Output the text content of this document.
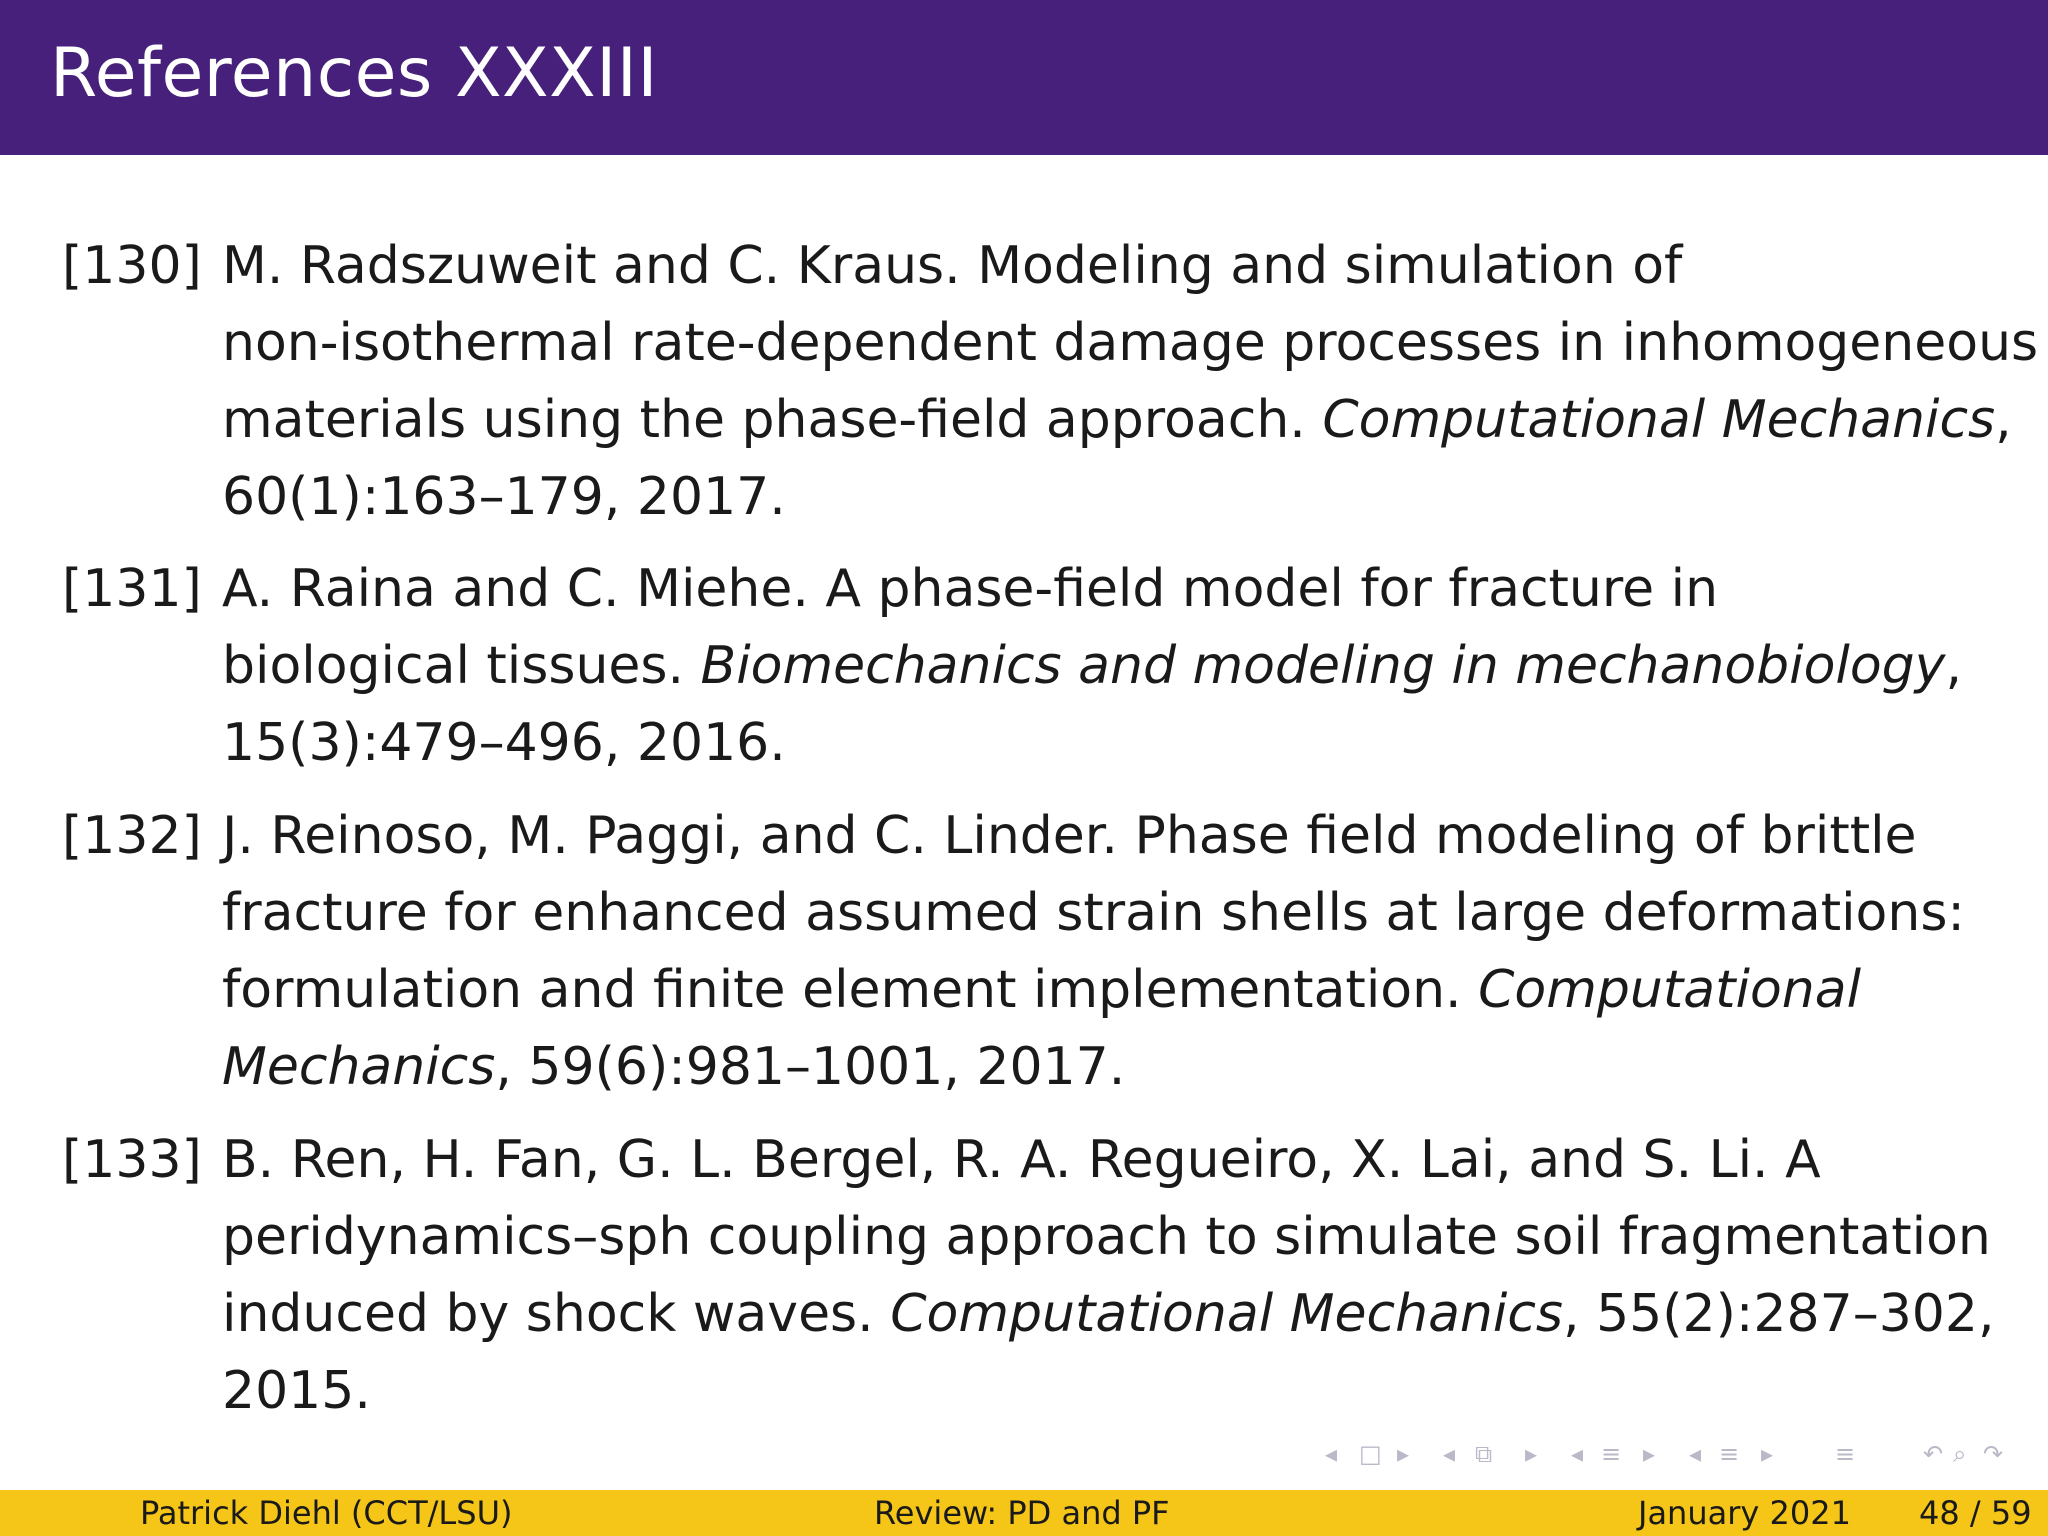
References XXXIII
[130] M. Radszuweit and C. Kraus. Modeling and simulation of
non-isothermal rate-dependent damage processes in inhomogeneous
materials using the phase-field approach. Computational Mechanics,
60(1):163–179, 2017.
[131] A. Raina and C. Miehe. A phase-field model for fracture in
biological tissues. Biomechanics and modeling in mechanobiology,
15(3):479–496, 2016.
[132] J. Reinoso, M. Paggi, and C. Linder. Phase field modeling of brittle
fracture for enhanced assumed strain shells at large deformations:
formulation and finite element implementation. Computational
Mechanics, 59(6):981–1001, 2017.
[133] B. Ren, H. Fan, G. L. Bergel, R. A. Regueiro, X. Lai, and S. Li. A
peridynamics–sph coupling approach to simulate soil fragmentation
induced by shock waves. Computational Mechanics, 55(2):287–302,
2015.
◂ □ ▸ ◂ ⧉ ▸ ◂ ≡ ▸ ◂ ≡ ▸	≡	↶ ⌕ ↷
Patrick Diehl (CCT/LSU)	Review: PD and PF	January 2021 48 / 59
